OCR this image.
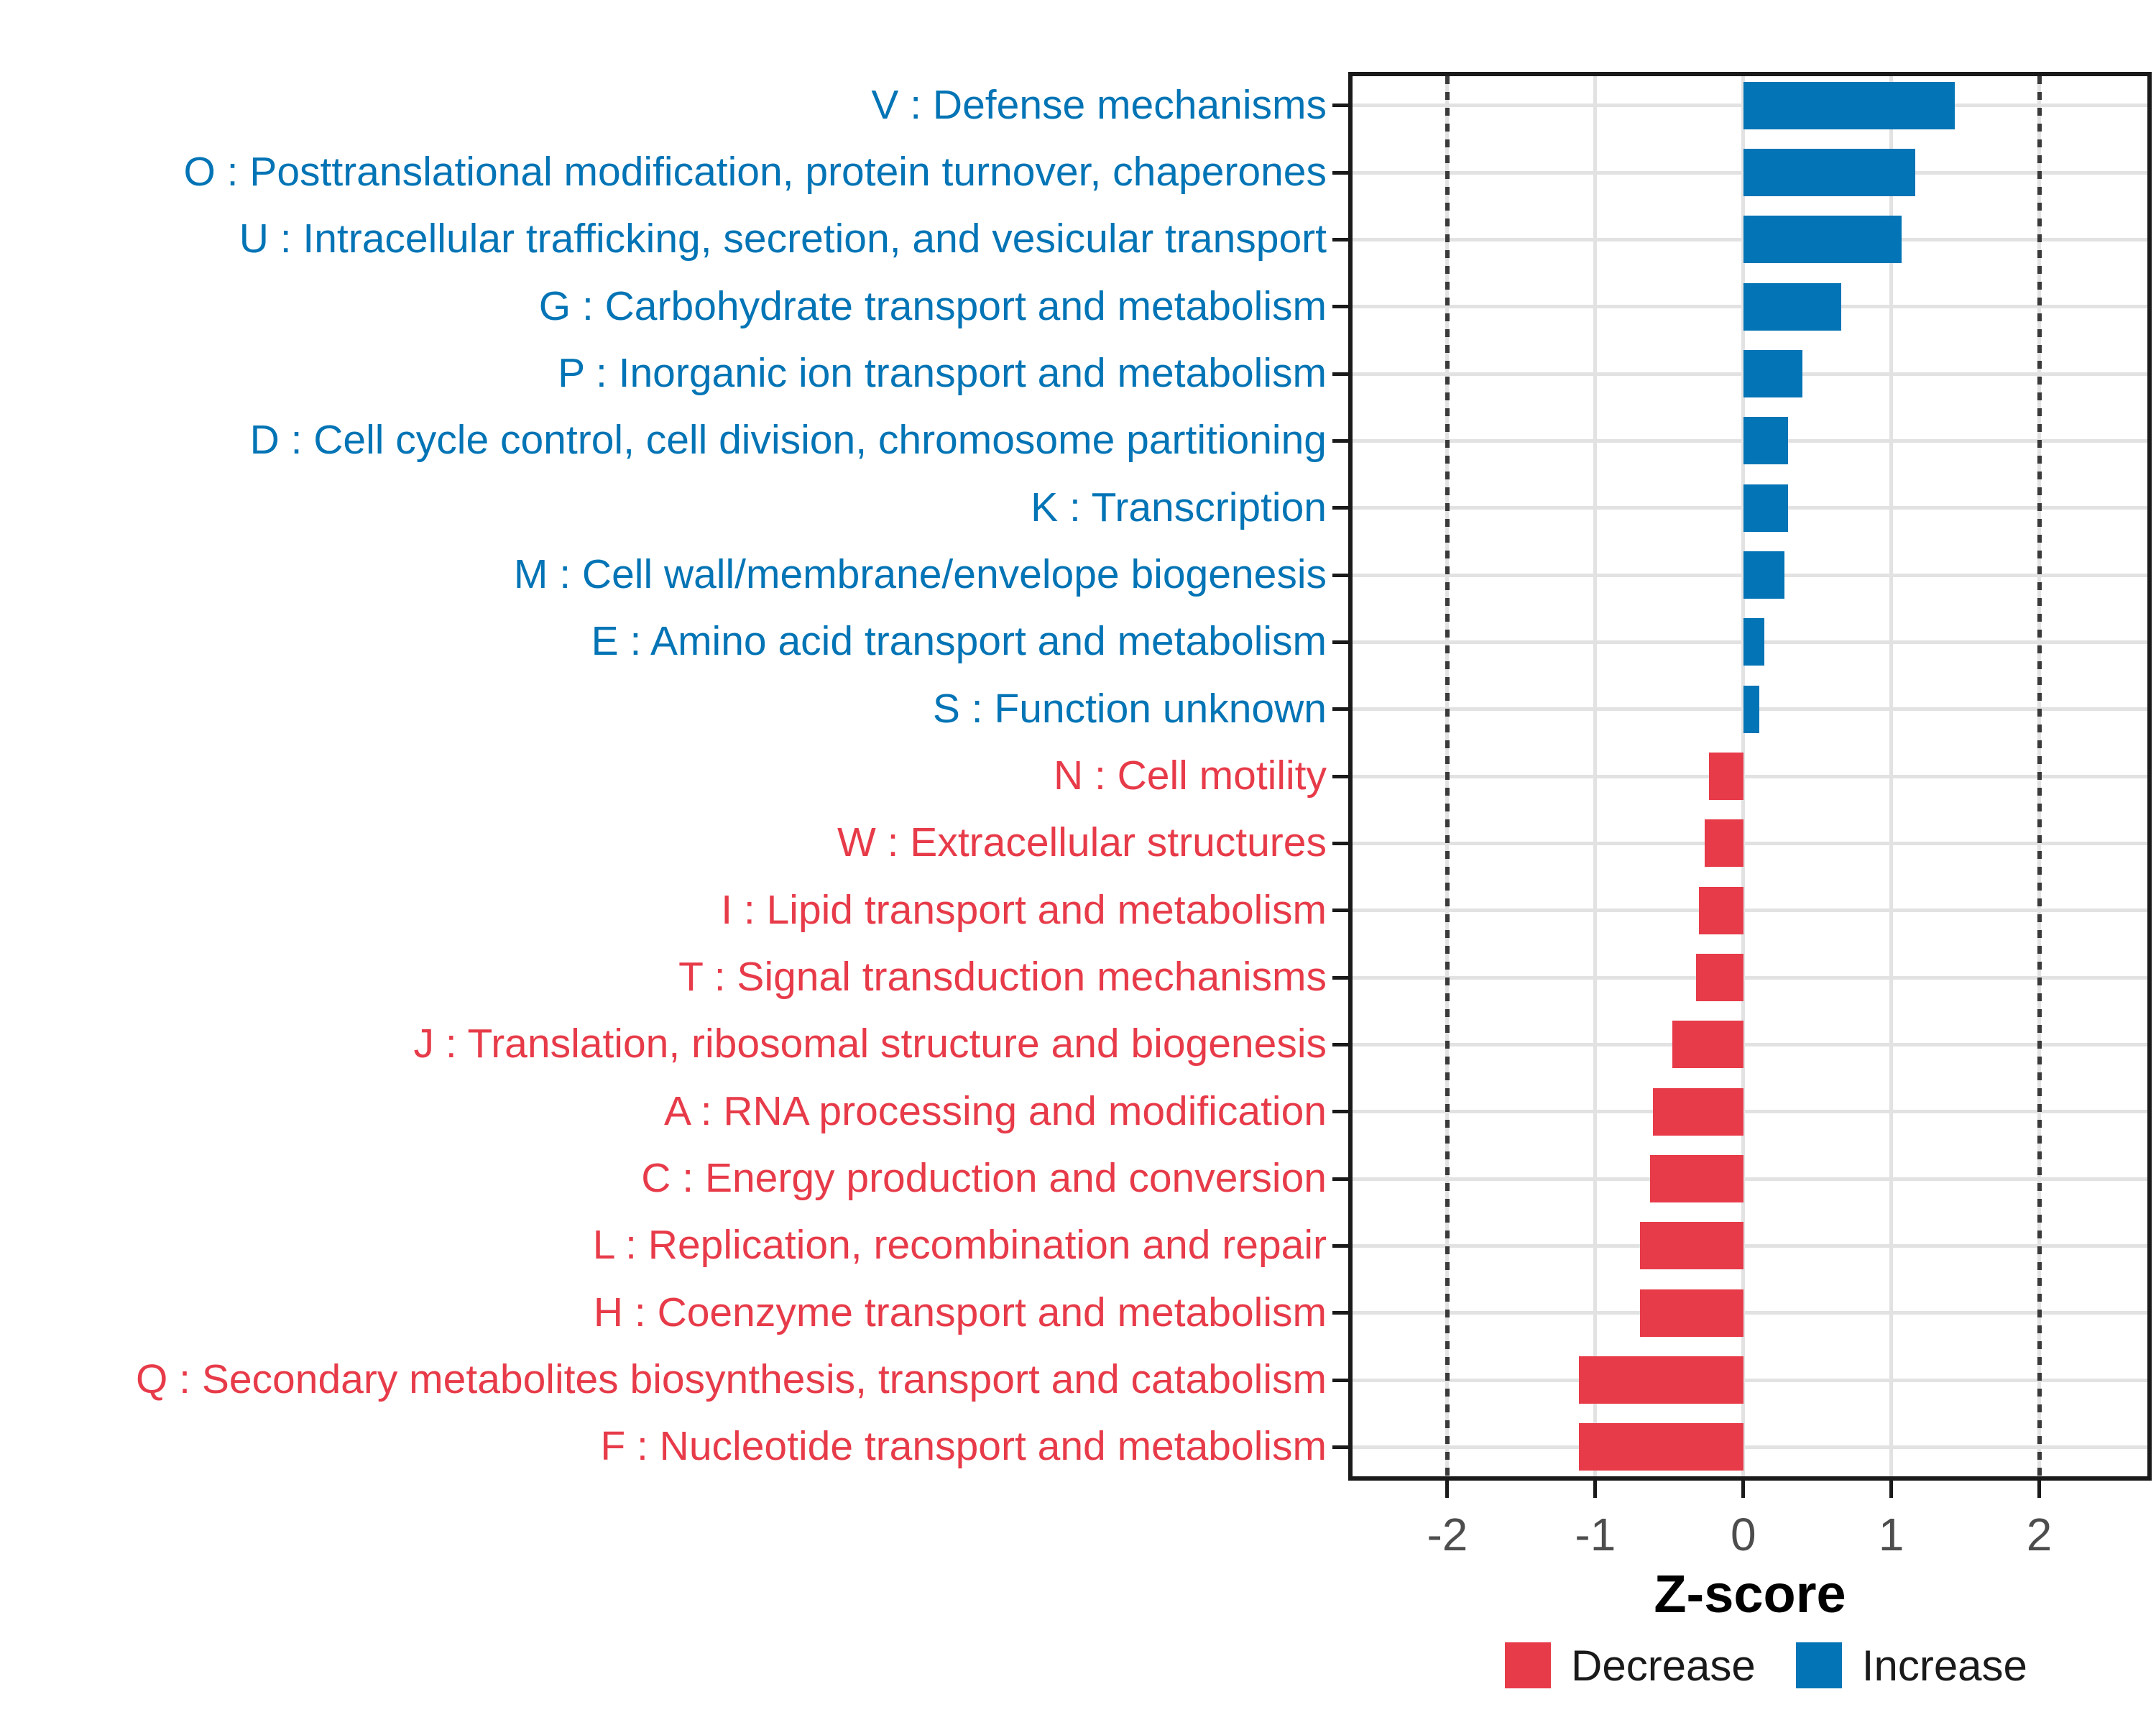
V : Defense mechanisms
O : Posttranslational modification, protein turnover, chaperones
U : Intracellular trafficking, secretion, and vesicular transport
G : Carbohydrate transport and metabolism
P : Inorganic ion transport and metabolism
D : Cell cycle control, cell division, chromosome partitioning
K : Transcription
M : Cell wall/membrane/envelope biogenesis
E : Amino acid transport and metabolism
S : Function unknown
N : Cell motility
W : Extracellular structures
I : Lipid transport and metabolism
T : Signal transduction mechanisms
J : Translation, ribosomal structure and biogenesis
A : RNA processing and modification
C : Energy production and conversion
L : Replication, recombination and repair
H : Coenzyme transport and metabolism
Q : Secondary metabolites biosynthesis, transport and catabolism
F : Nucleotide transport and metabolism
-2 -1 0	1	2
Z-score
Decrease Increase
